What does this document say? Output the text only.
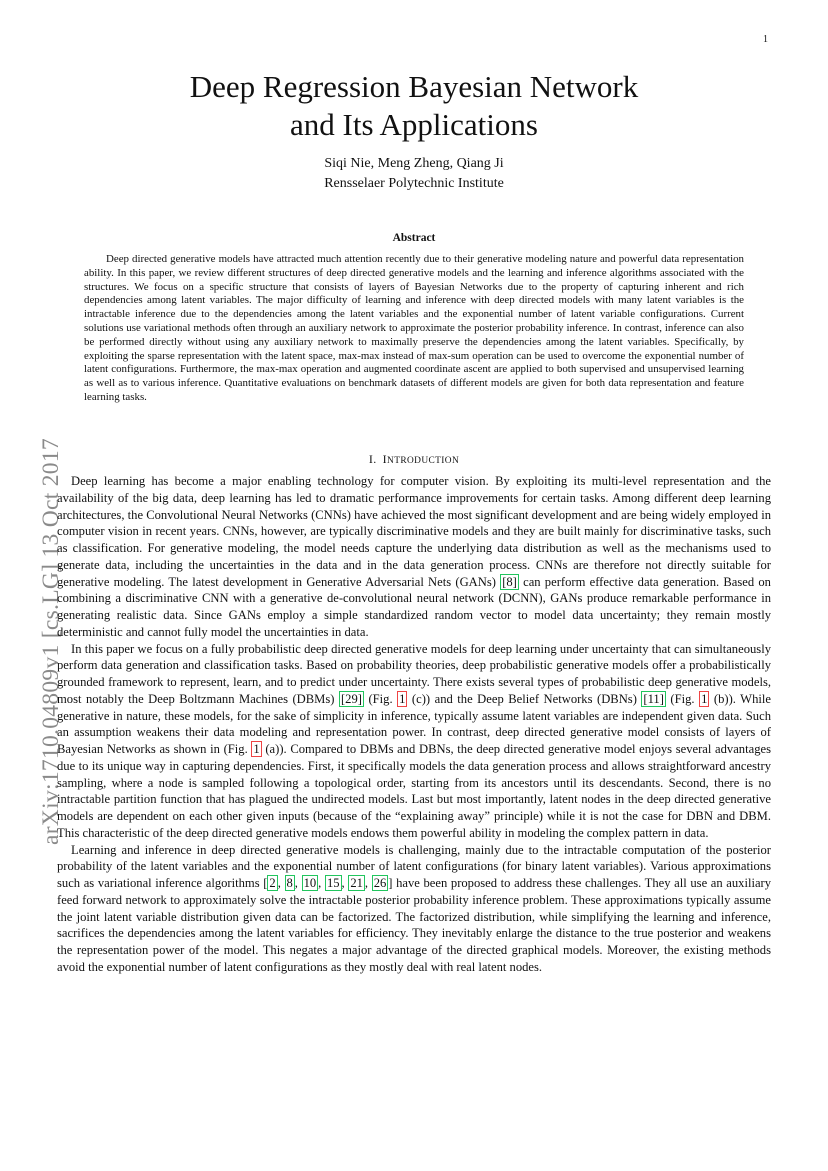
1
arXiv:1710.04809v1 [cs.LG] 13 Oct 2017
Deep Regression Bayesian Network
and Its Applications
Siqi Nie, Meng Zheng, Qiang Ji
Rensselaer Polytechnic Institute
Abstract

Deep directed generative models have attracted much attention recently due to their generative modeling nature and powerful data representation ability. In this paper, we review different structures of deep directed generative models and the learning and inference algorithms associated with the structures. We focus on a specific structure that consists of layers of Bayesian Networks due to the property of capturing inherent and rich dependencies among latent variables. The major difficulty of learning and inference with deep directed models with many latent variables is the intractable inference due to the dependencies among the latent variables and the exponential number of latent variable configurations. Current solutions use variational methods often through an auxiliary network to approximate the posterior probability inference. In contrast, inference can also be performed directly without using any auxiliary network to maximally preserve the dependencies among the latent variables. Specifically, by exploiting the sparse representation with the latent space, max-max instead of max-sum operation can be used to overcome the exponential number of latent configurations. Furthermore, the max-max operation and augmented coordinate ascent are applied to both supervised and unsupervised learning as well as to various inference. Quantitative evaluations on benchmark datasets of different models are given for both data representation and feature learning tasks.

I. INTRODUCTION

Deep learning has become a major enabling technology for computer vision. By exploiting its multi-level representation and the availability of the big data, deep learning has led to dramatic performance improvements for certain tasks. Among different deep learning architectures, the Convolutional Neural Networks (CNNs) have achieved the most significant development and are being widely employed in computer vision in recent years. CNNs, however, are typically discriminative models and they are built mainly for discriminative tasks, such as classification. For generative modeling, the model needs capture the underlying data distribution as well as the mechanisms used to generate data, including the uncertainties in the data and in the data generation process. CNNs are therefore not directly suitable for generative modeling. The latest development in Generative Adversarial Nets (GANs) [8] can perform effective data generation. Based on combining a discriminative CNN with a generative de-convolutional neural network (DCNN), GANs produce remarkable performance in generating realistic data. Since GANs employ a simple standardized random vector to model data uncertainty; they remain mostly deterministic and cannot fully model the uncertainties in data.

In this paper we focus on a fully probabilistic deep directed generative models for deep learning under uncertainty that can simultaneously perform data generation and classification tasks. Based on probability theories, deep probabilistic generative models offer a probabilistically grounded framework to represent, learn, and to predict under uncertainty. There exists several types of probabilistic deep generative models, most notably the Deep Boltzmann Machines (DBMs) [29] (Fig. 1 (c)) and the Deep Belief Networks (DBNs) [11] (Fig. 1 (b)). While generative in nature, these models, for the sake of simplicity in inference, typically assume latent variables are independent given data. Such an assumption weakens their data modeling and representation power. In contrast, deep directed generative model consists of layers of Bayesian Networks as shown in (Fig. 1 (a)). Compared to DBMs and DBNs, the deep directed generative model enjoys several advantages due to its unique way in capturing dependencies. First, it specifically models the data generation process and allows straightforward ancestry sampling, where a node is sampled following a topological order, starting from its ancestors until its descendants. Second, there is no intractable partition function that has plagued the undirected models. Last but most importantly, latent nodes in the deep directed generative models are dependent on each other given inputs (because of the “explaining away” principle) while it is not the case for DBN and DBM. This characteristic of the deep directed generative models endows them powerful ability in modeling the complex pattern in data.

Learning and inference in deep directed generative models is challenging, mainly due to the intractable computation of the posterior probability of the latent variables and the exponential number of latent configurations (for binary latent variables). Various approximations such as variational inference algorithms [ 2 , 8 , 10 , 15 , 21 , 26 ] have been proposed to address these challenges. They all use an auxiliary feed forward network to approximately solve the intractable posterior probability inference problem. These approximations typically assume the joint latent variable distribution given data can be factorized. The factorized distribution, while simplifying the learning and inference, sacrifices the dependencies among the latent variables for efficiency. They inevitably enlarge the distance to the true posterior and weakens the representation power of the model. This negates a major advantage of the directed graphical models. Moreover, the existing methods avoid the exponential number of latent configurations as they mostly deal with real latent nodes.
